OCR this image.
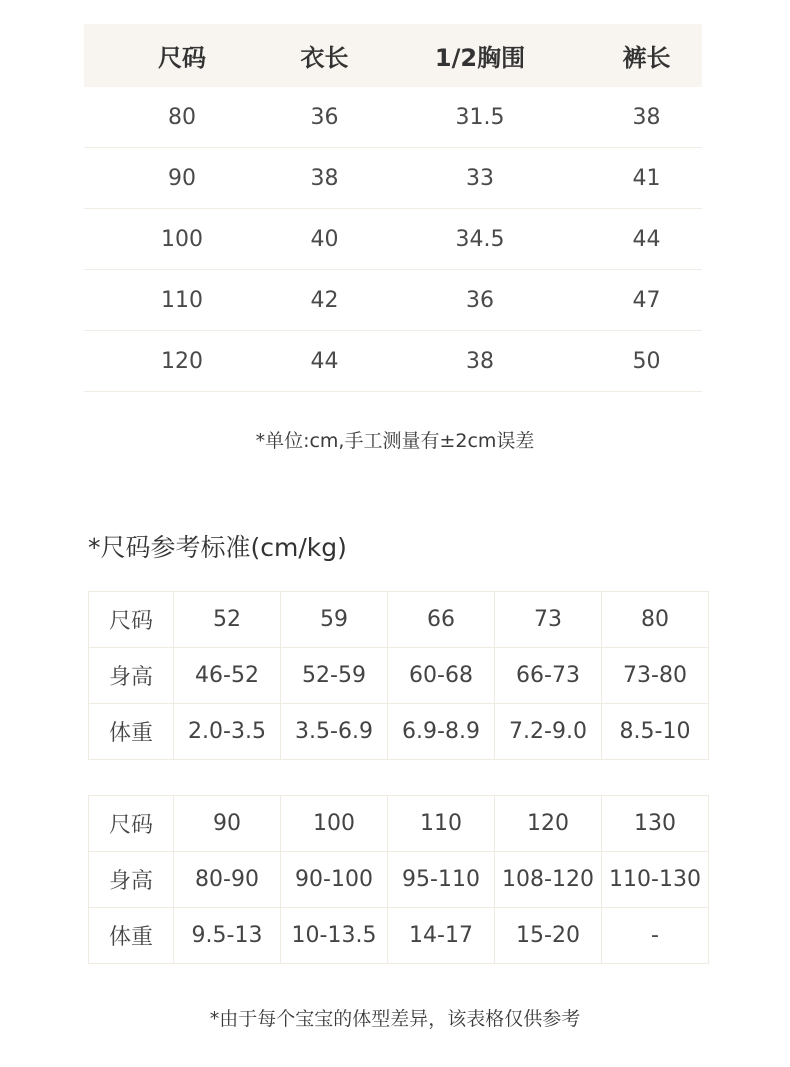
尺码	衣长	1/2胸围	裤长
80	36	31.5	38
90	38	33	41
100	40	34.5	44
110	42	36	47
120	44	38	50
*单位:cm,手工测量有±2cm误差
*尺码参考标准(cm/kg)
尺码	52	59	66	73	80
身高	46-52	52-59	60-68	66-73	73-80
体重	2.0-3.5	3.5-6.9	6.9-8.9	7.2-9.0	8.5-10
尺码	90	100	110	120	130
身高	80-90	90-100	95-110	108-120	110-130
体重	9.5-13	10-13.5	14-17	15-20	-
*由于每个宝宝的体型差异，该表格仅供参考
